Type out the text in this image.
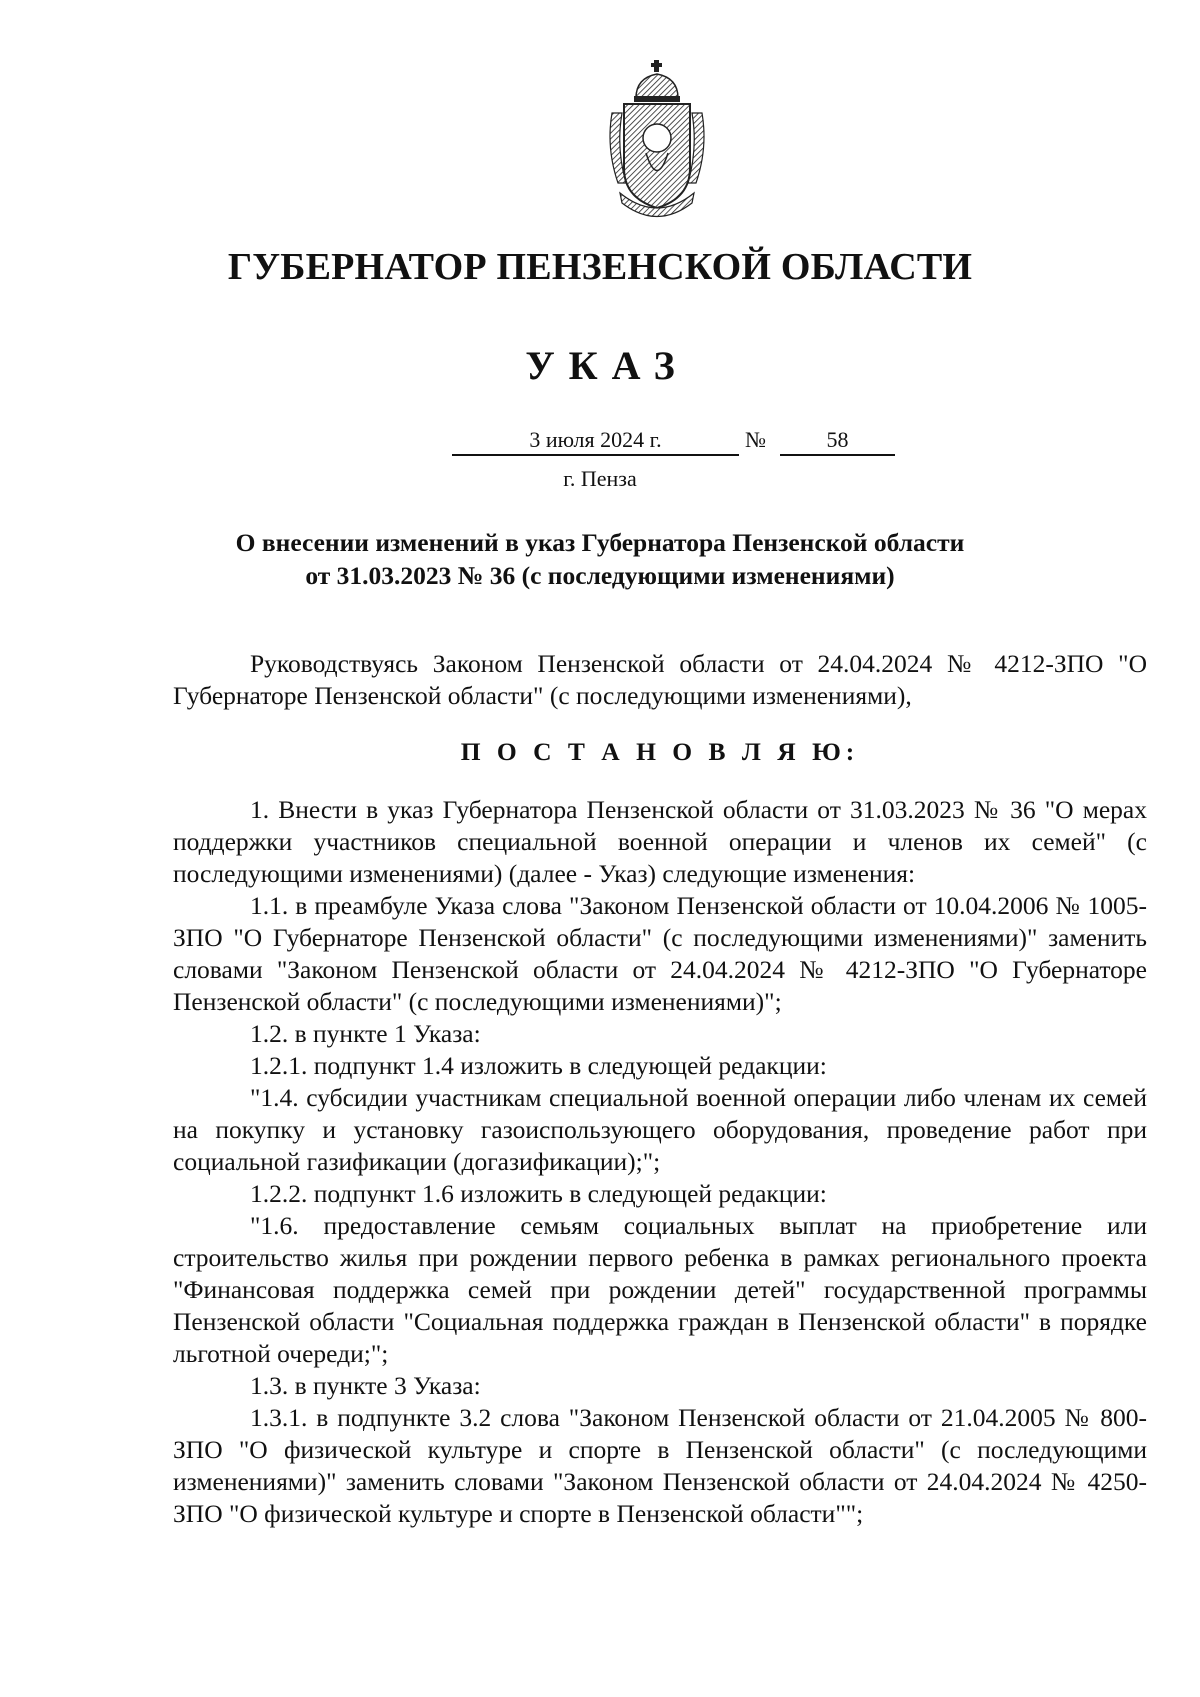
ГУБЕРНАТОР ПЕНЗЕНСКОЙ ОБЛАСТИ
УКАЗ
3 июля 2024 г.	№	58
г. Пенза
О внесении изменений в указ Губернатора Пензенской области
от 31.03.2023 № 36 (с последующими изменениями)

Руководствуясь Законом Пензенской области от 24.04.2024 № 4212-ЗПО "О Губернаторе Пензенской области" (с последующими изменениями),

П О С Т А Н О В Л Я Ю:

1. Внести в указ Губернатора Пензенской области от 31.03.2023 № 36 "О мерах поддержки участников специальной военной операции и членов их семей" (с последующими изменениями) (далее - Указ) следующие изменения:

1.1. в преамбуле Указа слова "Законом Пензенской области от 10.04.2006 № 1005-ЗПО "О Губернаторе Пензенской области" (с последующими изменениями)" заменить словами "Законом Пензенской области от 24.04.2024 № 4212-ЗПО "О Губернаторе Пензенской области" (с последующими изменениями)";

1.2. в пункте 1 Указа:

1.2.1. подпункт 1.4 изложить в следующей редакции:

"1.4. субсидии участникам специальной военной операции либо членам их семей на покупку и установку газоиспользующего оборудования, проведение работ при социальной газификации (догазификации);";

1.2.2. подпункт 1.6 изложить в следующей редакции:

"1.6. предоставление семьям социальных выплат на приобретение или строительство жилья при рождении первого ребенка в рамках регионального проекта "Финансовая поддержка семей при рождении детей" государственной программы Пензенской области "Социальная поддержка граждан в Пензенской области" в порядке льготной очереди;";

1.3. в пункте 3 Указа:

1.3.1. в подпункте 3.2 слова "Законом Пензенской области от 21.04.2005 № 800-ЗПО "О физической культуре и спорте в Пензенской области" (с последующими изменениями)" заменить словами "Законом Пензенской области от 24.04.2024 № 4250-ЗПО "О физической культуре и спорте в Пензенской области"";
